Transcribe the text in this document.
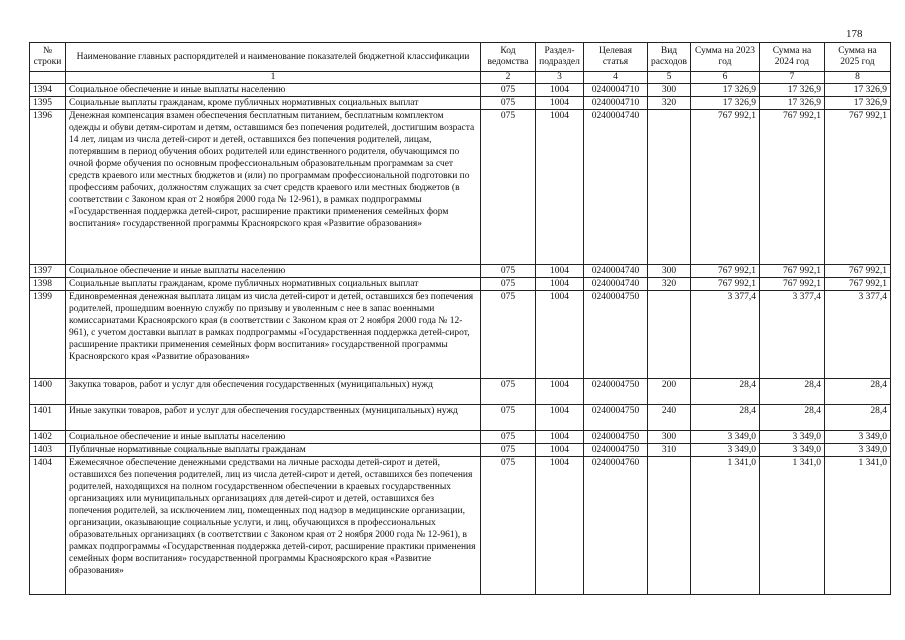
178
№ строки	Наименование главных распорядителей и наименование показателей бюджетной классификации	Код ведомства	Раздел-подраздел	Целевая статья	Вид расходов	Сумма на 2023 год	Сумма на 2024 год	Сумма на 2025 год
	1	2	3	4	5	6	7	8
1394	Социальное обеспечение и иные выплаты населению	075	1004	0240004710	300	17 326,9	17 326,9	17 326,9
1395	Социальные выплаты гражданам, кроме публичных нормативных социальных выплат	075	1004	0240004710	320	17 326,9	17 326,9	17 326,9
1396	Денежная компенсация взамен обеспечения бесплатным питанием, бесплатным комплектом одежды и обуви детям-сиротам и детям, оставшимся без попечения родителей, достигшим возраста 14 лет, лицам из числа детей-сирот и детей, оставшихся без попечения родителей, лицам, потерявшим в период обучения обоих родителей или единственного родителя, обучающимся по очной форме обучения по основным профессиональным образовательным программам за счет средств краевого или местных бюджетов и (или) по программам профессиональной подготовки по профессиям рабочих, должностям служащих за счет средств краевого или местных бюджетов (в соответствии с Законом края от 2 ноября 2000 года № 12-961), в рамках подпрограммы «Государственная поддержка детей-сирот, расширение практики применения семейных форм воспитания» государственной программы Красноярского края «Развитие образования»	075	1004	0240004740		767 992,1	767 992,1	767 992,1
1397	Социальное обеспечение и иные выплаты населению	075	1004	0240004740	300	767 992,1	767 992,1	767 992,1
1398	Социальные выплаты гражданам, кроме публичных нормативных социальных выплат	075	1004	0240004740	320	767 992,1	767 992,1	767 992,1
1399	Единовременная денежная выплата лицам из числа детей-сирот и детей, оставшихся без попечения родителей, прошедшим военную службу по призыву и уволенным с нее в запас военными комиссариатами Красноярского края (в соответствии с Законом края от 2 ноября 2000 года № 12-961), с учетом доставки выплат в рамках подпрограммы «Государственная поддержка детей-сирот, расширение практики применения семейных форм воспитания» государственной программы Красноярского края «Развитие образования»	075	1004	0240004750		3 377,4	3 377,4	3 377,4
1400	Закупка товаров, работ и услуг для обеспечения государственных (муниципальных) нужд	075	1004	0240004750	200	28,4	28,4	28,4
1401	Иные закупки товаров, работ и услуг для обеспечения государственных (муниципальных) нужд	075	1004	0240004750	240	28,4	28,4	28,4
1402	Социальное обеспечение и иные выплаты населению	075	1004	0240004750	300	3 349,0	3 349,0	3 349,0
1403	Публичные нормативные социальные выплаты гражданам	075	1004	0240004750	310	3 349,0	3 349,0	3 349,0
1404	Ежемесячное обеспечение денежными средствами на личные расходы детей-сирот и детей, оставшихся без попечения родителей, лиц из числа детей-сирот и детей, оставшихся без попечения родителей, находящихся на полном государственном обеспечении в краевых государственных организациях или муниципальных организациях для детей-сирот и детей, оставшихся без попечения родителей, за исключением лиц, помещенных под надзор в медицинские организации, организации, оказывающие социальные услуги, и лиц, обучающихся в профессиональных образовательных организациях (в соответствии с Законом края от 2 ноября 2000 года № 12-961), в рамках подпрограммы «Государственная поддержка детей-сирот, расширение практики применения семейных форм воспитания» государственной программы Красноярского края «Развитие образования»	075	1004	0240004760		1 341,0	1 341,0	1 341,0
